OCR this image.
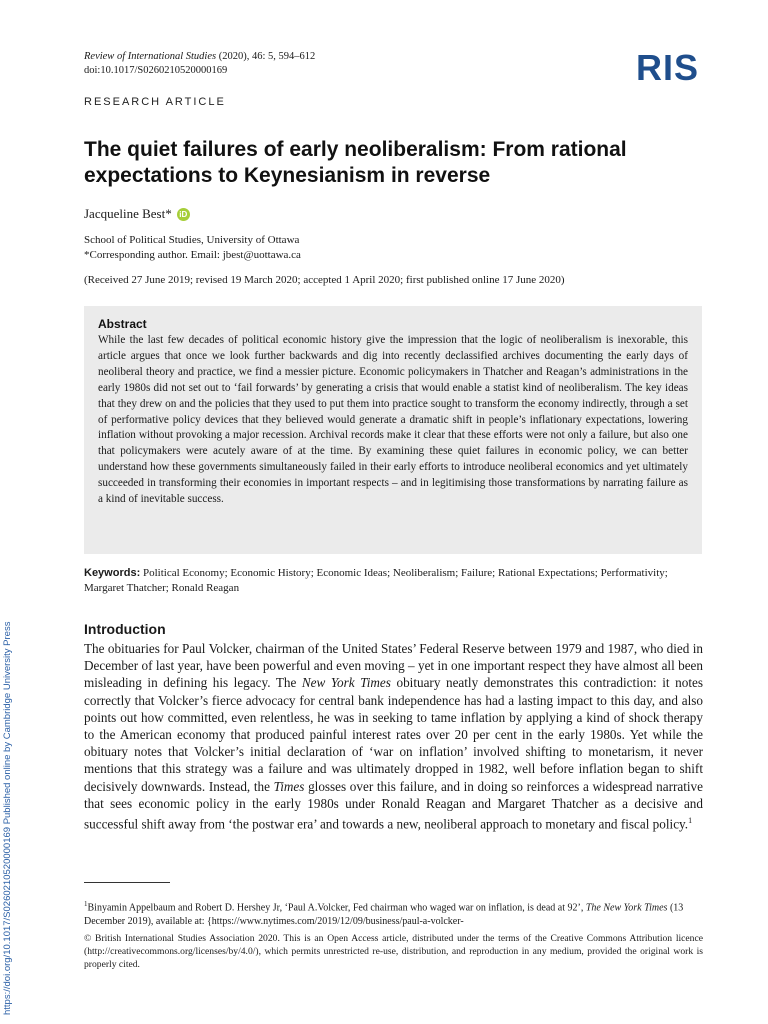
Review of International Studies (2020), 46: 5, 594–612
doi:10.1017/S0260210520000169	RIS
RESEARCH ARTICLE
The quiet failures of early neoliberalism: From rational expectations to Keynesianism in reverse
Jacqueline Best* iD
School of Political Studies, University of Ottawa
*Corresponding author. Email: jbest@uottawa.ca
(Received 27 June 2019; revised 19 March 2020; accepted 1 April 2020; first published online 17 June 2020)
Abstract

While the last few decades of political economic history give the impression that the logic of neoliberalism is inexorable, this article argues that once we look further backwards and dig into recently declassified archives documenting the early days of neoliberal theory and practice, we find a messier picture. Economic policymakers in Thatcher and Reagan’s administrations in the early 1980s did not set out to ‘fail forwards’ by generating a crisis that would enable a statist kind of neoliberalism. The key ideas that they drew on and the policies that they used to put them into practice sought to transform the economy indirectly, through a set of performative policy devices that they believed would generate a dramatic shift in people’s inflationary expectations, lowering inflation without provoking a major recession. Archival records make it clear that these efforts were not only a failure, but also one that policymakers were acutely aware of at the time. By examining these quiet failures in economic policy, we can better understand how these governments simultaneously failed in their early efforts to introduce neoliberal economics and yet ultimately succeeded in transforming their economies in important respects – and in legitimising those transformations by narrating failure as a kind of inevitable success.

Keywords: Political Economy; Economic History; Economic Ideas; Neoliberalism; Failure; Rational Expectations; Performativity; Margaret Thatcher; Ronald Reagan
Introduction

The obituaries for Paul Volcker, chairman of the United States’ Federal Reserve between 1979 and 1987, who died in December of last year, have been powerful and even moving – yet in one important respect they have almost all been misleading in defining his legacy. The New York Times obituary neatly demonstrates this contradiction: it notes correctly that Volcker’s fierce advocacy for central bank independence has had a lasting impact to this day, and also points out how committed, even relentless, he was in seeking to tame inflation by applying a kind of shock therapy to the American economy that produced painful interest rates over 20 per cent in the early 1980s. Yet while the obituary notes that Volcker’s initial declaration of ‘war on inflation’ involved shifting to monetarism, it never mentions that this strategy was a failure and was ultimately dropped in 1982, well before inflation began to shift decisively downwards. Instead, the Times glosses over this failure, and in doing so reinforces a widespread narrative that sees economic policy in the early 1980s under Ronald Reagan and Margaret Thatcher as a decisive and successful shift away from ‘the postwar era’ and towards a new, neoliberal approach to monetary and fiscal policy.$^1$

$^1$Binyamin Appelbaum and Robert D. Hershey Jr, ‘Paul A.Volcker, Fed chairman who waged war on inflation, is dead at 92’, The New York Times (13 December 2019), available at: {https://www.nytimes.com/2019/12/09/business/paul-a-volcker-

© British International Studies Association 2020. This is an Open Access article, distributed under the terms of the Creative Commons Attribution licence (http://creativecommons.org/licenses/by/4.0/), which permits unrestricted re-use, distribution, and reproduction in any medium, provided the original work is properly cited.

https://doi.org/10.1017/S0260210520000169 Published online by Cambridge University Press
